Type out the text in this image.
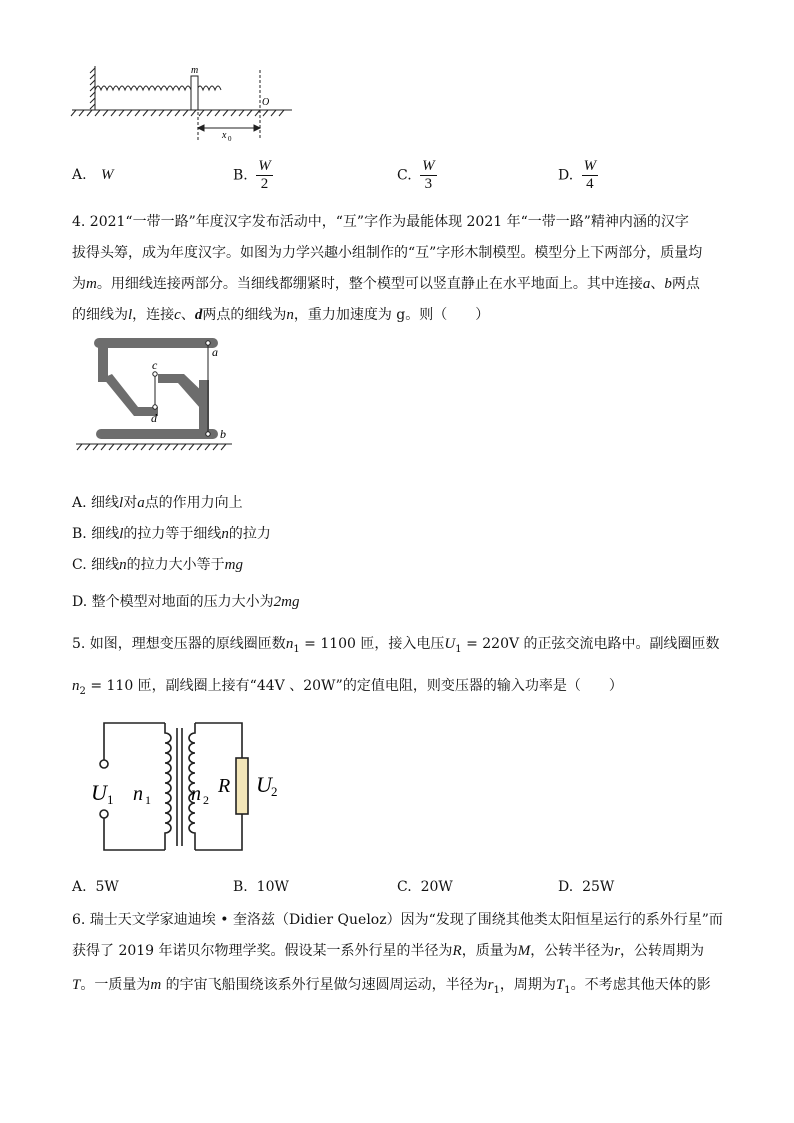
m
O
x 0
A. W	B. $\frac{W}{2}$	C. $\frac{W}{3}$	D. $\frac{W}{4}$
4. 2021“一带一路”年度汉字发布活动中，“互”字作为最能体现 2021 年“一带一路”精神内涵的汉字
拔得头筹，成为年度汉字。如图为力学兴趣小组制作的“互”字形木制模型。模型分上下两部分，质量均
为m。用细线连接两部分。当细线都绷紧时，整个模型可以竖直静止在水平地面上。其中连接a、b两点
的细线为l，连接c、d两点的细线为n，重力加速度为 g。则（　　）
a
b
c
d
A. 细线l对a点的作用力向上
B. 细线l的拉力等于细线n的拉力
C. 细线n的拉力大小等于mg
D. 整个模型对地面的压力大小为2mg
5. 如图，理想变压器的原线圈匝数$n_1 = 1100$ 匝，接入电压$U_1 = 220V$ 的正弦交流电路中。副线圈匝数
$n_2 = 110$ 匝，副线圈上接有“44V 、20W”的定值电阻，则变压器的输入功率是（　　）
U 1 n 1 n 2
R U 2
A. 5W	B. 10W	C. 20W	D. 25W
6. 瑞士天文学家迪迪埃 • 奎洛兹（Didier Queloz）因为“发现了围绕其他类太阳恒星运行的系外行星”而
获得了 2019 年诺贝尔物理学奖。假设某一系外行星的半径为R，质量为M，公转半径为r，公转周期为
T。一质量为m 的宇宙飞船围绕该系外行星做匀速圆周运动，半径为$r_1$，周期为$T_1$。不考虑其他天体的影
